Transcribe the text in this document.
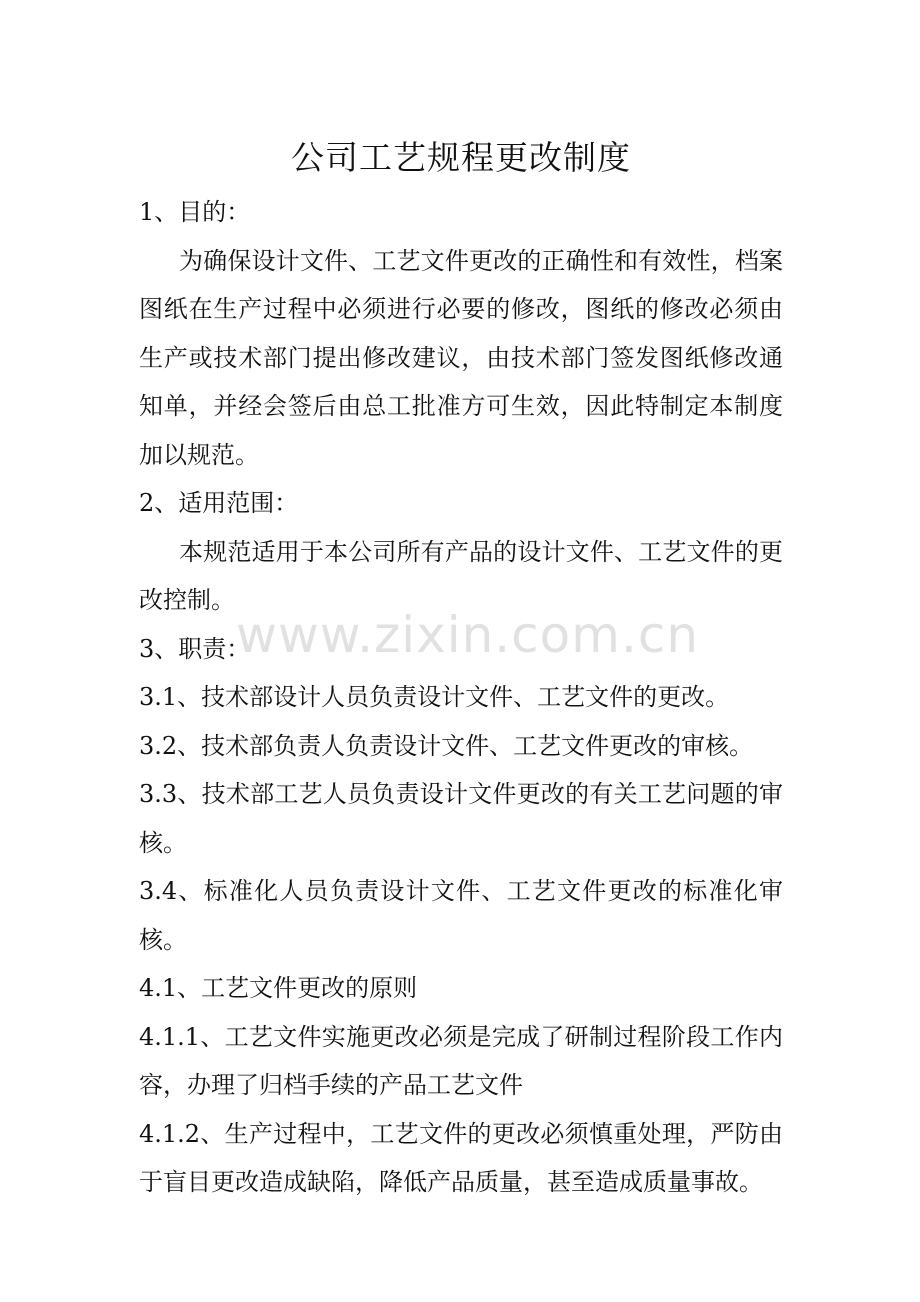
公司工艺规程更改制度

1、目的：

为确保设计文件、工艺文件更改的正确性和有效性，档案图纸在生产过程中必须进行必要的修改，图纸的修改必须由生产或技术部门提出修改建议，由技术部门签发图纸修改通知单，并经会签后由总工批准方可生效，因此特制定本制度加以规范。

2、适用范围：

本规范适用于本公司所有产品的设计文件、工艺文件的更改控制。

3、职责：

3.1、技术部设计人员负责设计文件、工艺文件的更改。

3.2、技术部负责人负责设计文件、工艺文件更改的审核。

3.3、技术部工艺人员负责设计文件更改的有关工艺问题的审核。

3.4、标准化人员负责设计文件、工艺文件更改的标准化审核。

4.1、工艺文件更改的原则

4.1.1、工艺文件实施更改必须是完成了研制过程阶段工作内容，办理了归档手续的产品工艺文件

4.1.2、生产过程中，工艺文件的更改必须慎重处理，严防由于盲目更改造成缺陷，降低产品质量，甚至造成质量事故。

www.zixin.com.cn
